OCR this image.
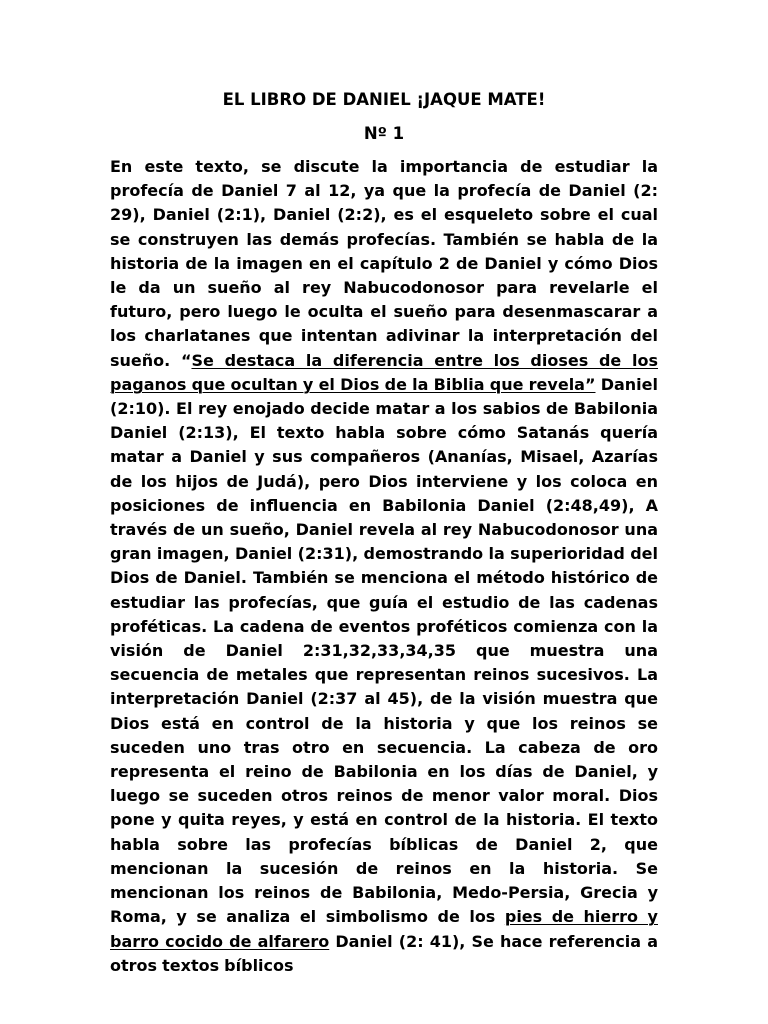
EL LIBRO DE DANIEL ¡JAQUE MATE!
Nº 1

En este texto, se discute la importancia de estudiar la profecía de Daniel 7 al 12, ya que la profecía de Daniel (2: 29), Daniel (2:1), Daniel (2:2), es el esqueleto sobre el cual se construyen las demás profecías. También se habla de la historia de la imagen en el capítulo 2 de Daniel y cómo Dios le da un sueño al rey Nabucodonosor para revelarle el futuro, pero luego le oculta el sueño para desenmascarar a los charlatanes que intentan adivinar la interpretación del sueño. “Se destaca la diferencia entre los dioses de los paganos que ocultan y el Dios de la Biblia que revela” Daniel (2:10). El rey enojado decide matar a los sabios de Babilonia Daniel (2:13), El texto habla sobre cómo Satanás quería matar a Daniel y sus compañeros (Ananías, Misael, Azarías de los hijos de Judá), pero Dios interviene y los coloca en posiciones de influencia en Babilonia Daniel (2:48,49), A través de un sueño, Daniel revela al rey Nabucodonosor una gran imagen, Daniel (2:31), demostrando la superioridad del Dios de Daniel. También se menciona el método histórico de estudiar las profecías, que guía el estudio de las cadenas proféticas. La cadena de eventos proféticos comienza con la visión de Daniel 2:31,32,33,34,35 que muestra una secuencia de metales que representan reinos sucesivos. La interpretación Daniel (2:37 al 45), de la visión muestra que Dios está en control de la historia y que los reinos se suceden uno tras otro en secuencia. La cabeza de oro representa el reino de Babilonia en los días de Daniel, y luego se suceden otros reinos de menor valor moral. Dios pone y quita reyes, y está en control de la historia. El texto habla sobre las profecías bíblicas de Daniel 2, que mencionan la sucesión de reinos en la historia. Se mencionan los reinos de Babilonia, Medo-Persia, Grecia y Roma, y se analiza el simbolismo de los pies de hierro y barro cocido de alfarero Daniel (2: 41), Se hace referencia a otros textos bíblicos
